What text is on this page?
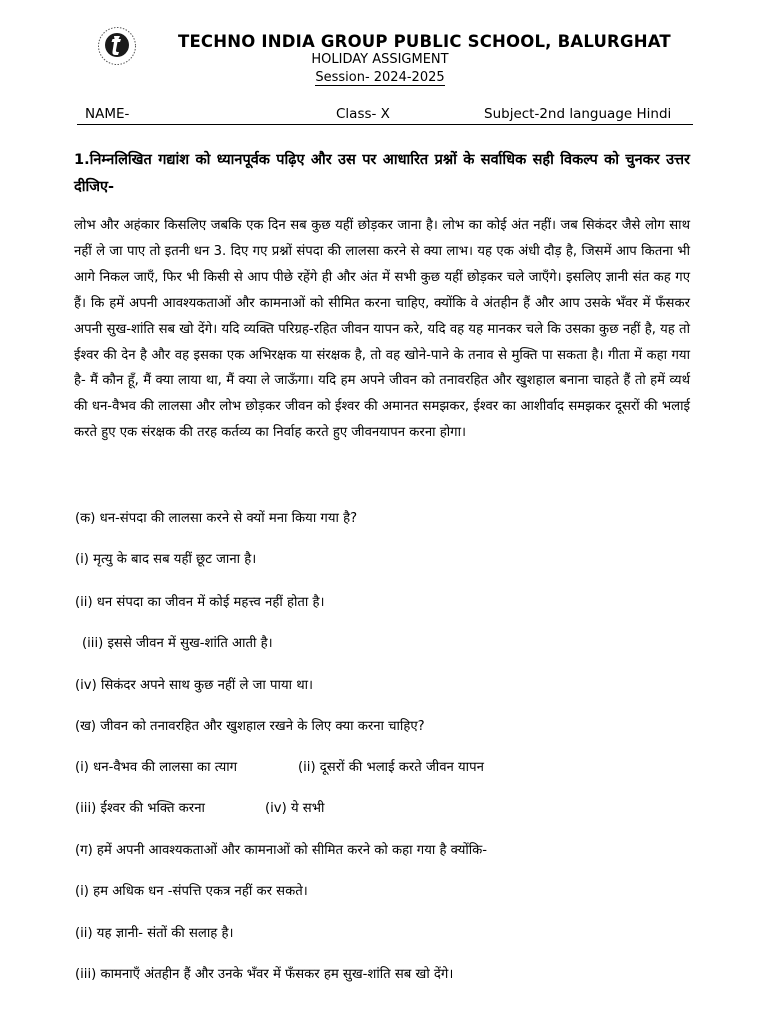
TECHNO INDIA GROUP PUBLIC SCHOOL, BALURGHAT
HOLIDAY ASSIGMENT
Session- 2024-2025
NAME-	Class- X	Subject-2nd language Hindi
1.निम्नलिखित गद्यांश को ध्यानपूर्वक पढ़िए और उस पर आधारित प्रश्नों के सर्वाधिक सही विकल्प को चुनकर उत्तर दीजिए-
लोभ और अहंकार किसलिए जबकि एक दिन सब कुछ यहीं छोड़कर जाना है। लोभ का कोई अंत नहीं। जब सिकंदर जैसे लोग साथ नहीं ले जा पाए तो इतनी धन 3. दिए गए प्रश्नों संपदा की लालसा करने से क्या लाभ। यह एक अंधी दौड़ है, जिसमें आप कितना भी आगे निकल जाएँ, फिर भी किसी से आप पीछे रहेंगे ही और अंत में सभी कुछ यहीं छोड़कर चले जाएँगे। इसलिए ज्ञानी संत कह गए हैं। कि हमें अपनी आवश्यकताओं और कामनाओं को सीमित करना चाहिए, क्योंकि वे अंतहीन हैं और आप उसके भँवर में फँसकर अपनी सुख-शांति सब खो देंगे। यदि व्यक्ति परिग्रह-रहित जीवन यापन करे, यदि वह यह मानकर चले कि उसका कुछ नहीं है, यह तो ईश्वर की देन है और वह इसका एक अभिरक्षक या संरक्षक है, तो वह खोने-पाने के तनाव से मुक्ति पा सकता है। गीता में कहा गया है- मैं कौन हूँ, मैं क्या लाया था, मैं क्या ले जाऊँगा। यदि हम अपने जीवन को तनावरहित और खुशहाल बनाना चाहते हैं तो हमें व्यर्थ की धन-वैभव की लालसा और लोभ छोड़कर जीवन को ईश्वर की अमानत समझकर, ईश्वर का आशीर्वाद समझकर दूसरों की भलाई करते हुए एक संरक्षक की तरह कर्तव्य का निर्वाह करते हुए जीवनयापन करना होगा।
(क) धन-संपदा की लालसा करने से क्यों मना किया गया है?
(i) मृत्यु के बाद सब यहीं छूट जाना है।
(ii) धन संपदा का जीवन में कोई महत्त्व नहीं होता है।
(iii) इससे जीवन में सुख-शांति आती है।
(iv) सिकंदर अपने साथ कुछ नहीं ले जा पाया था।
(ख) जीवन को तनावरहित और खुशहाल रखने के लिए क्या करना चाहिए?
(i) धन-वैभव की लालसा का त्याग	(ii) दूसरों की भलाई करते जीवन यापन
(iii) ईश्वर की भक्ति करना	(iv) ये सभी
(ग) हमें अपनी आवश्यकताओं और कामनाओं को सीमित करने को कहा गया है क्योंकि-
(i) हम अधिक धन -संपत्ति एकत्र नहीं कर सकते।
(ii) यह ज्ञानी- संतों की सलाह है।
(iii) कामनाएँ अंतहीन हैं और उनके भँवर में फँसकर हम सुख-शांति सब खो देंगे।
